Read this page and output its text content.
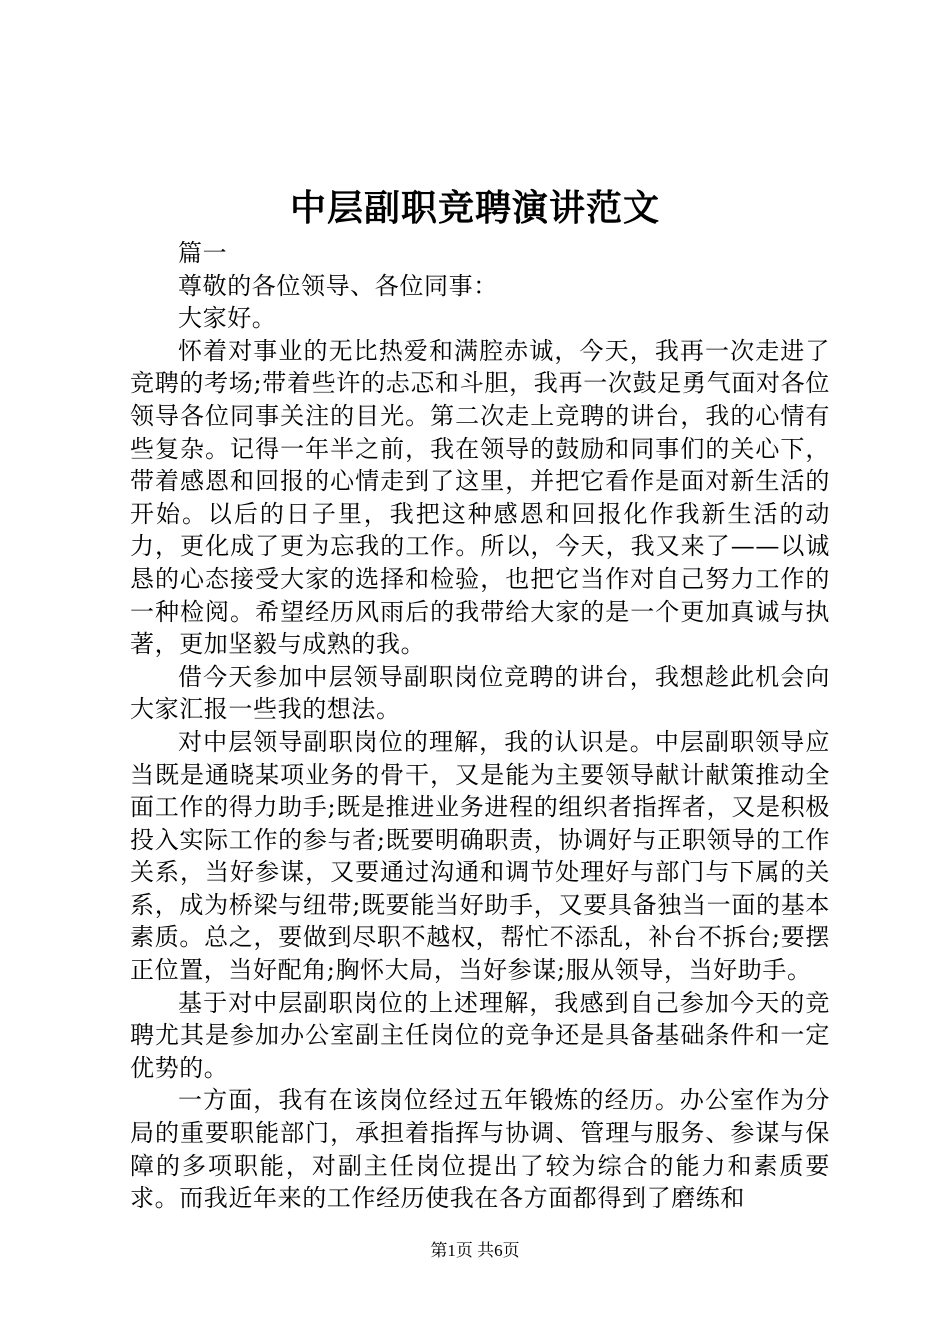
中层副职竞聘演讲范文

篇一

尊敬的各位领导、各位同事：

大家好。

怀着对事业的无比热爱和满腔赤诚，今天，我再一次走进了竞聘的考场;带着些许的忐忑和斗胆，我再一次鼓足勇气面对各位领导各位同事关注的目光。第二次走上竞聘的讲台，我的心情有些复杂。记得一年半之前，我在领导的鼓励和同事们的关心下，带着感恩和回报的心情走到了这里，并把它看作是面对新生活的开始。以后的日子里，我把这种感恩和回报化作我新生活的动力，更化成了更为忘我的工作。所以，今天，我又来了——以诚恳的心态接受大家的选择和检验，也把它当作对自己努力工作的一种检阅。希望经历风雨后的我带给大家的是一个更加真诚与执著，更加坚毅与成熟的我。

借今天参加中层领导副职岗位竞聘的讲台，我想趁此机会向大家汇报一些我的想法。

对中层领导副职岗位的理解，我的认识是。中层副职领导应当既是通晓某项业务的骨干，又是能为主要领导献计献策推动全面工作的得力助手;既是推进业务进程的组织者指挥者，又是积极投入实际工作的参与者;既要明确职责，协调好与正职领导的工作关系，当好参谋，又要通过沟通和调节处理好与部门与下属的关系，成为桥梁与纽带;既要能当好助手，又要具备独当一面的基本素质。总之，要做到尽职不越权，帮忙不添乱，补台不拆台;要摆正位置，当好配角;胸怀大局，当好参谋;服从领导，当好助手。

基于对中层副职岗位的上述理解，我感到自己参加今天的竞聘尤其是参加办公室副主任岗位的竞争还是具备基础条件和一定优势的。

一方面，我有在该岗位经过五年锻炼的经历。办公室作为分局的重要职能部门，承担着指挥与协调、管理与服务、参谋与保障的多项职能，对副主任岗位提出了较为综合的能力和素质要求。而我近年来的工作经历使我在各方面都得到了磨练和

第1页 共6页
